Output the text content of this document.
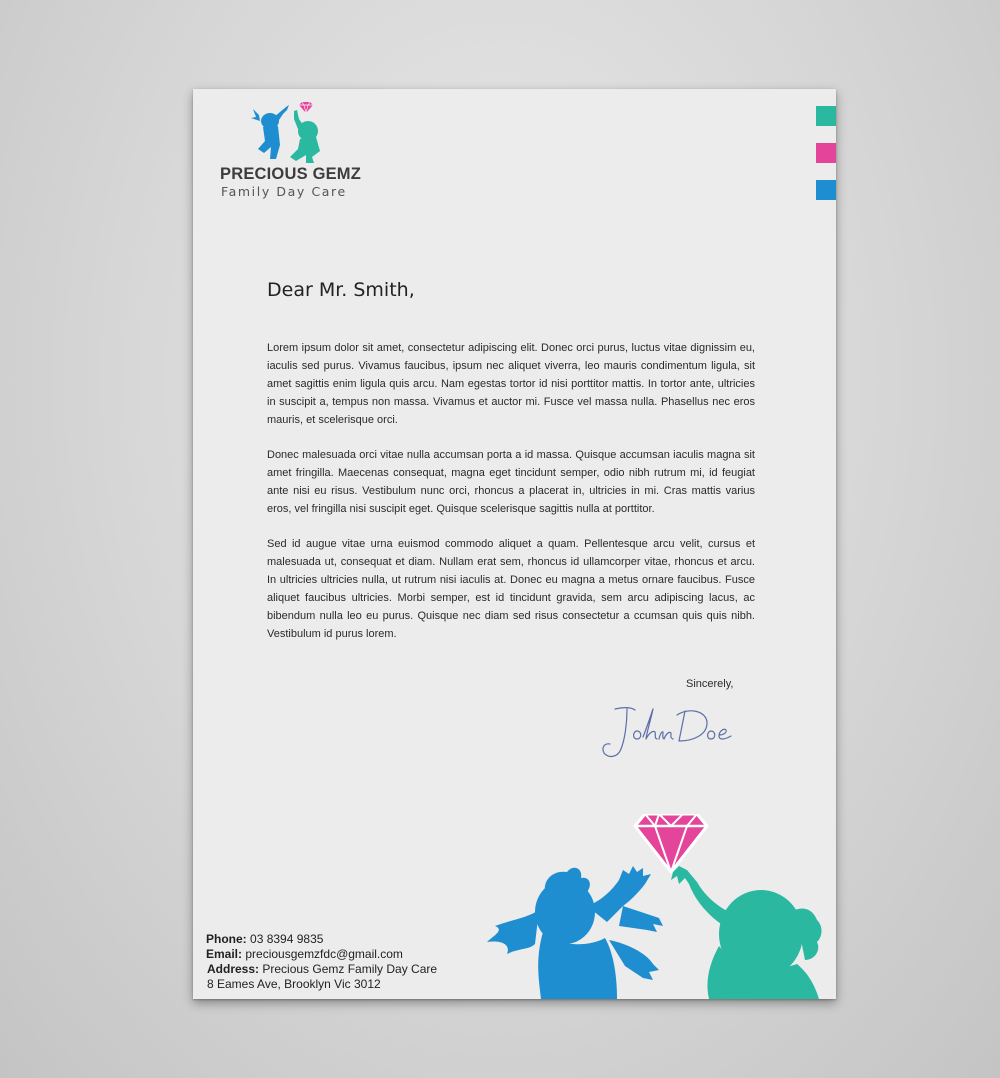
PRECIOUS GEMZ
Family Day Care
Dear Mr. Smith,

Lorem ipsum dolor sit amet, consectetur adipiscing elit. Donec orci purus, luctus vitae dignissim eu, iaculis sed purus. Vivamus faucibus, ipsum nec aliquet viverra, leo mauris condimentum ligula, sit amet sagittis enim ligula quis arcu. Nam egestas tortor id nisi porttitor mattis. In tortor ante, ultricies in suscipit a, tempus non massa. Vivamus et auctor mi. Fusce vel massa nulla. Phasellus nec eros mauris, et scelerisque orci.

Donec malesuada orci vitae nulla accumsan porta a id massa. Quisque accumsan iaculis magna sit amet fringilla. Maecenas consequat, magna eget tincidunt semper, odio nibh rutrum mi, id feugiat ante nisi eu risus. Vestibulum nunc orci, rhoncus a placerat in, ultricies in mi. Cras mattis varius eros, vel fringilla nisi suscipit eget. Quisque scelerisque sagittis nulla at porttitor.

Sed id augue vitae urna euismod commodo aliquet a quam. Pellentesque arcu velit, cursus et malesuada ut, consequat et diam. Nullam erat sem, rhoncus id ullamcorper vitae, rhoncus et arcu. In ultricies ultricies nulla, ut rutrum nisi iaculis at. Donec eu magna a metus ornare faucibus. Fusce aliquet faucibus ultricies. Morbi semper, est id tincidunt gravida, sem arcu adipiscing lacus, ac bibendum nulla leo eu purus. Quisque nec diam sed risus consectetur a ccumsan quis quis nibh. Vestibulum id purus lorem.

Sincerely,
Phone: 03 8394 9835
Email: preciousgemzfdc@gmail.com
Address: Precious Gemz Family Day Care
8 Eames Ave, Brooklyn Vic 3012
